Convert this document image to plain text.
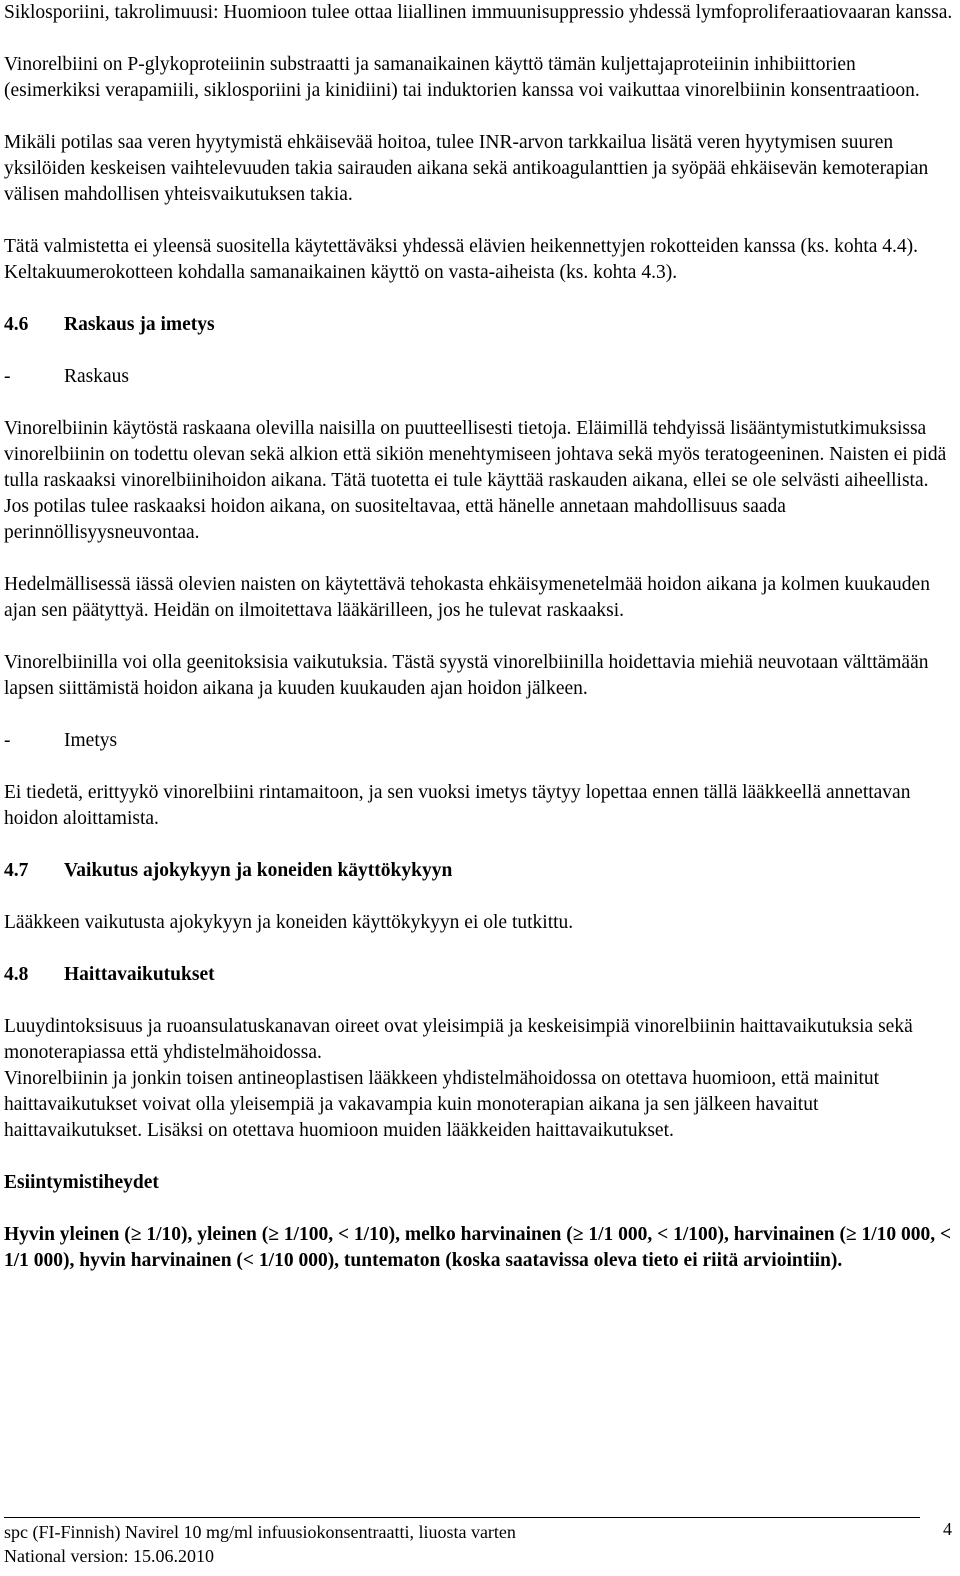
Siklosporiini, takrolimuusi: Huomioon tulee ottaa liiallinen immuunisuppressio yhdessä lymfoproliferaatiovaaran kanssa.

Vinorelbiini on P-glykoproteiinin substraatti ja samanaikainen käyttö tämän kuljettajaproteiinin inhibiittorien (esimerkiksi verapamiili, siklosporiini ja kinidiini) tai induktorien kanssa voi vaikuttaa vinorelbiinin konsentraatioon.

Mikäli potilas saa veren hyytymistä ehkäisevää hoitoa, tulee INR-arvon tarkkailua lisätä veren hyytymisen suuren yksilöiden keskeisen vaihtelevuuden takia sairauden aikana sekä antikoagulanttien ja syöpää ehkäisevän kemoterapian välisen mahdollisen yhteisvaikutuksen takia.

Tätä valmistetta ei yleensä suositella käytettäväksi yhdessä elävien heikennettyjen rokotteiden kanssa (ks. kohta 4.4). Keltakuumerokotteen kohdalla samanaikainen käyttö on vasta-aiheista (ks. kohta 4.3).

4.6	Raskaus ja imetys
-	Raskaus

Vinorelbiinin käytöstä raskaana olevilla naisilla on puutteellisesti tietoja. Eläimillä tehdyissä lisääntymistutkimuksissa vinorelbiinin on todettu olevan sekä alkion että sikiön menehtymiseen johtava sekä myös teratogeeninen. Naisten ei pidä tulla raskaaksi vinorelbiinihoidon aikana. Tätä tuotetta ei tule käyttää raskauden aikana, ellei se ole selvästi aiheellista. Jos potilas tulee raskaaksi hoidon aikana, on suositeltavaa, että hänelle annetaan mahdollisuus saada perinnöllisyysneuvontaa.

Hedelmällisessä iässä olevien naisten on käytettävä tehokasta ehkäisymenetelmää hoidon aikana ja kolmen kuukauden ajan sen päätyttyä. Heidän on ilmoitettava lääkärilleen, jos he tulevat raskaaksi.

Vinorelbiinilla voi olla geenitoksisia vaikutuksia. Tästä syystä vinorelbiinilla hoidettavia miehiä neuvotaan välttämään lapsen siittämistä hoidon aikana ja kuuden kuukauden ajan hoidon jälkeen.

-	Imetys

Ei tiedetä, erittyykö vinorelbiini rintamaitoon, ja sen vuoksi imetys täytyy lopettaa ennen tällä lääkkeellä annettavan hoidon aloittamista.

4.7	Vaikutus ajokykyyn ja koneiden käyttökykyyn

Lääkkeen vaikutusta ajokykyyn ja koneiden käyttökykyyn ei ole tutkittu.

4.8	Haittavaikutukset

Luuydintoksisuus ja ruoansulatuskanavan oireet ovat yleisimpiä ja keskeisimpiä vinorelbiinin haittavaikutuksia sekä monoterapiassa että yhdistelmähoidossa.

Vinorelbiinin ja jonkin toisen antineoplastisen lääkkeen yhdistelmähoidossa on otettava huomioon, että mainitut haittavaikutukset voivat olla yleisempiä ja vakavampia kuin monoterapian aikana ja sen jälkeen havaitut haittavaikutukset. Lisäksi on otettava huomioon muiden lääkkeiden haittavaikutukset.

Esiintymistiheydet

Hyvin yleinen (≥ 1/10), yleinen (≥ 1/100, < 1/10), melko harvinainen (≥ 1/1 000, < 1/100), harvinainen (≥ 1/10 000, < 1/1 000), hyvin harvinainen (< 1/10 000), tuntematon (koska saatavissa oleva tieto ei riitä arviointiin).

spc (FI-Finnish) Navirel 10 mg/ml infuusiokonsentraatti, liuosta varten
National version: 15.06.2010
4
